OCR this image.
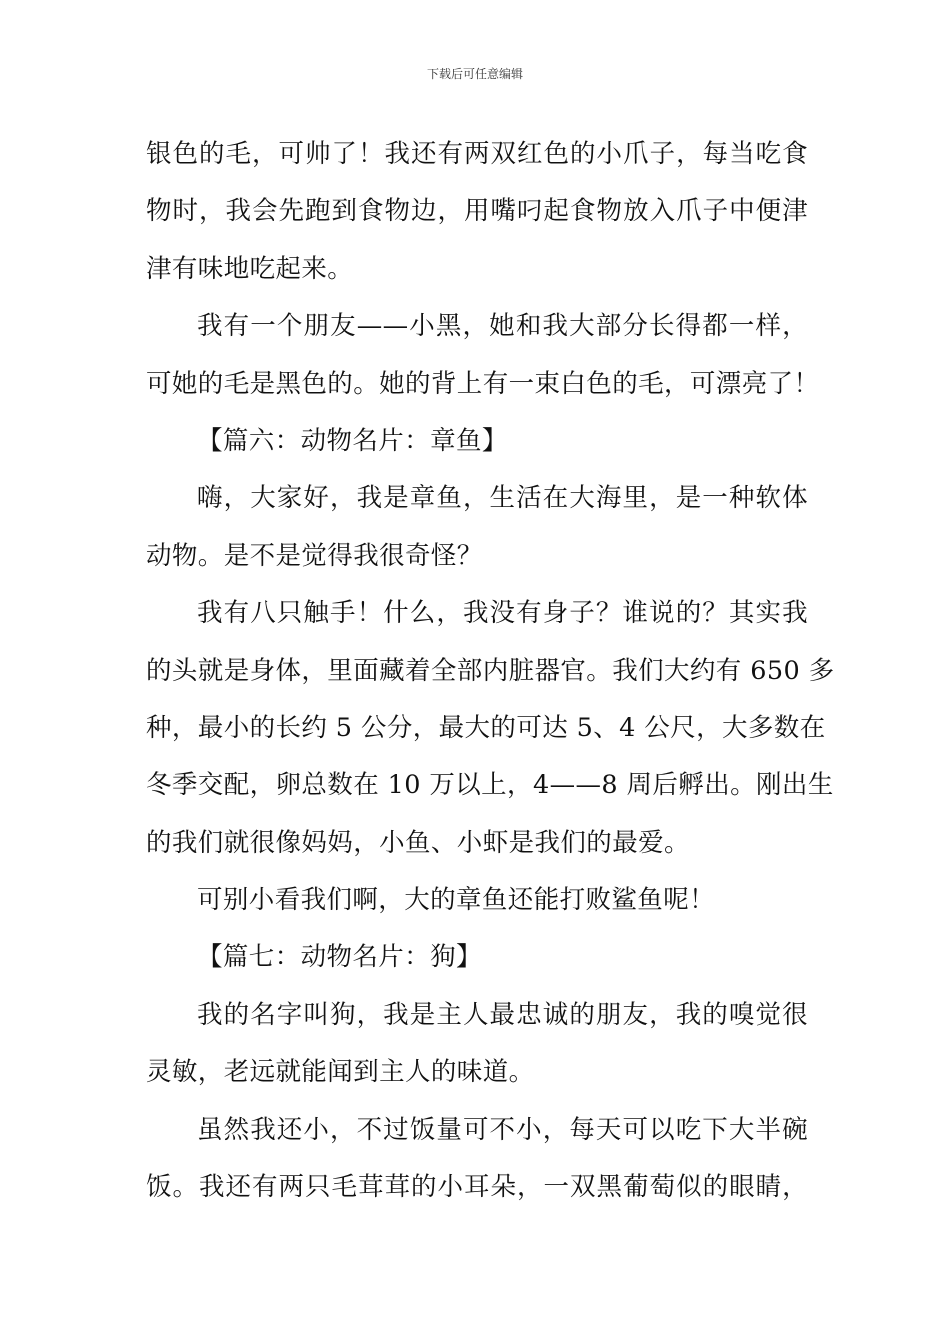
下载后可任意编辑
银色的毛，可帅了！我还有两双红色的小爪子，每当吃食
物时，我会先跑到食物边，用嘴叼起食物放入爪子中便津
津有味地吃起来。
我有一个朋友——小黑，她和我大部分长得都一样，
可她的毛是黑色的。她的背上有一束白色的毛，可漂亮了！
【篇六：动物名片：章鱼】
嗨，大家好，我是章鱼，生活在大海里，是一种软体
动物。是不是觉得我很奇怪？
我有八只触手！什么，我没有身子？谁说的？其实我
的头就是身体，里面藏着全部内脏器官。我们大约有 650 多
种，最小的长约 5 公分，最大的可达 5、4 公尺，大多数在
冬季交配，卵总数在 10 万以上，4——8 周后孵出。刚出生
的我们就很像妈妈，小鱼、小虾是我们的最爱。
可别小看我们啊，大的章鱼还能打败鲨鱼呢！
【篇七：动物名片：狗】
我的名字叫狗，我是主人最忠诚的朋友，我的嗅觉很
灵敏，老远就能闻到主人的味道。
虽然我还小，不过饭量可不小，每天可以吃下大半碗
饭。我还有两只毛茸茸的小耳朵，一双黑葡萄似的眼睛，
